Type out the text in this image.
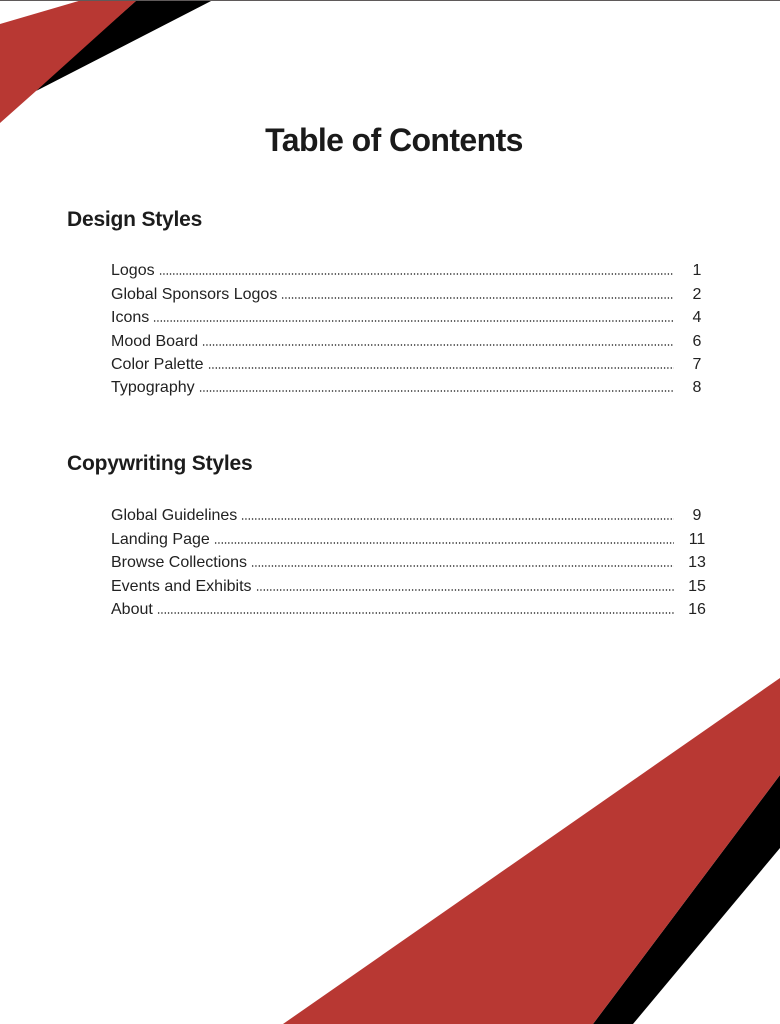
Table of Contents
Design Styles
Logos	1
Global Sponsors Logos	2
Icons	4
Mood Board	6
Color Palette	7
Typography	8
Copywriting Styles
Global Guidelines	9
Landing Page	11
Browse Collections	13
Events and Exhibits	15
About	16
